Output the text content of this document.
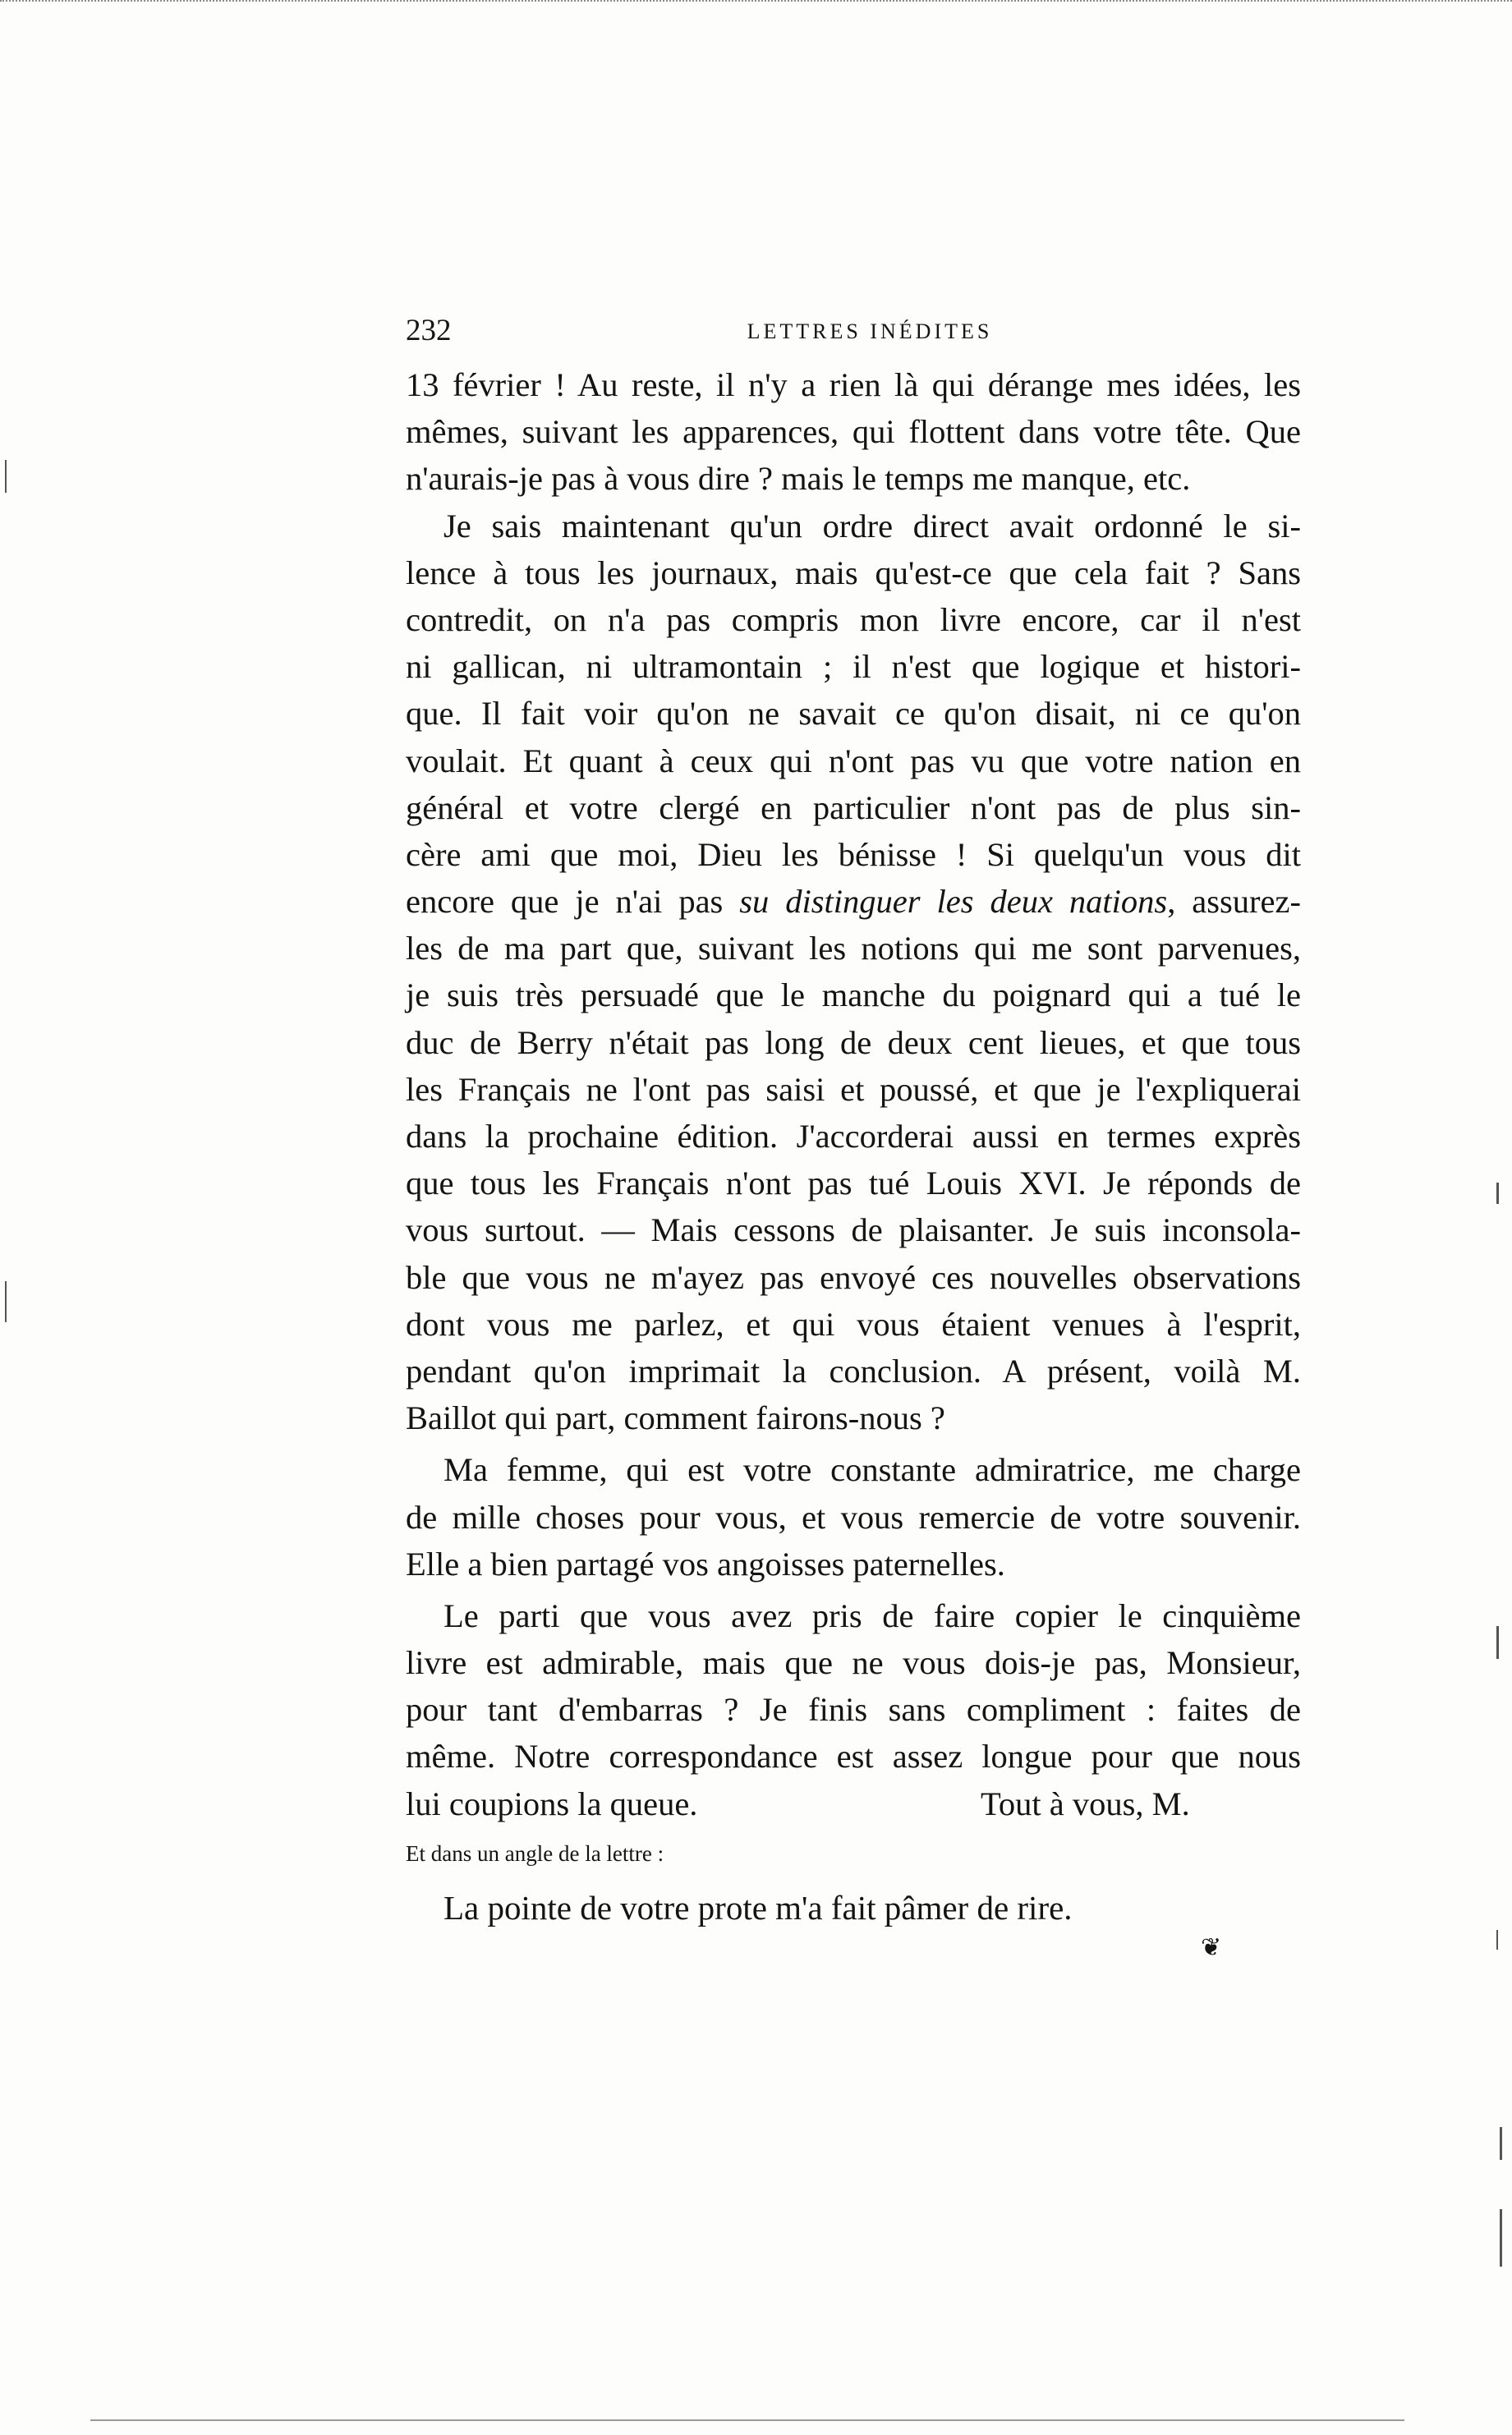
232	LETTRES INÉDITES
13 février ! Au reste, il n'y a rien là qui dérange mes idées, les
mêmes, suivant les apparences, qui flottent dans votre tête. Que
n'aurais-je pas à vous dire ? mais le temps me manque, etc.
Je sais maintenant qu'un ordre direct avait ordonné le si-
lence à tous les journaux, mais qu'est-ce que cela fait ? Sans
contredit, on n'a pas compris mon livre encore, car il n'est
ni gallican, ni ultramontain ; il n'est que logique et histori-
que. Il fait voir qu'on ne savait ce qu'on disait, ni ce qu'on
voulait. Et quant à ceux qui n'ont pas vu que votre nation en
général et votre clergé en particulier n'ont pas de plus sin-
cère ami que moi, Dieu les bénisse ! Si quelqu'un vous dit
encore que je n'ai pas su distinguer les deux nations, assurez-
les de ma part que, suivant les notions qui me sont parvenues,
je suis très persuadé que le manche du poignard qui a tué le
duc de Berry n'était pas long de deux cent lieues, et que tous
les Français ne l'ont pas saisi et poussé, et que je l'expliquerai
dans la prochaine édition. J'accorderai aussi en termes exprès
que tous les Français n'ont pas tué Louis XVI. Je réponds de
vous surtout. — Mais cessons de plaisanter. Je suis inconsola-
ble que vous ne m'ayez pas envoyé ces nouvelles observations
dont vous me parlez, et qui vous étaient venues à l'esprit,
pendant qu'on imprimait la conclusion. A présent, voilà M.
Baillot qui part, comment fairons-nous ?
Ma femme, qui est votre constante admiratrice, me charge
de mille choses pour vous, et vous remercie de votre souvenir.
Elle a bien partagé vos angoisses paternelles.
Le parti que vous avez pris de faire copier le cinquième
livre est admirable, mais que ne vous dois-je pas, Monsieur,
pour tant d'embarras ? Je finis sans compliment : faites de
même. Notre correspondance est assez longue pour que nous
lui coupions la queue.	Tout à vous, M.
Et dans un angle de la lettre :
La pointe de votre prote m'a fait pâmer de rire.
❦
